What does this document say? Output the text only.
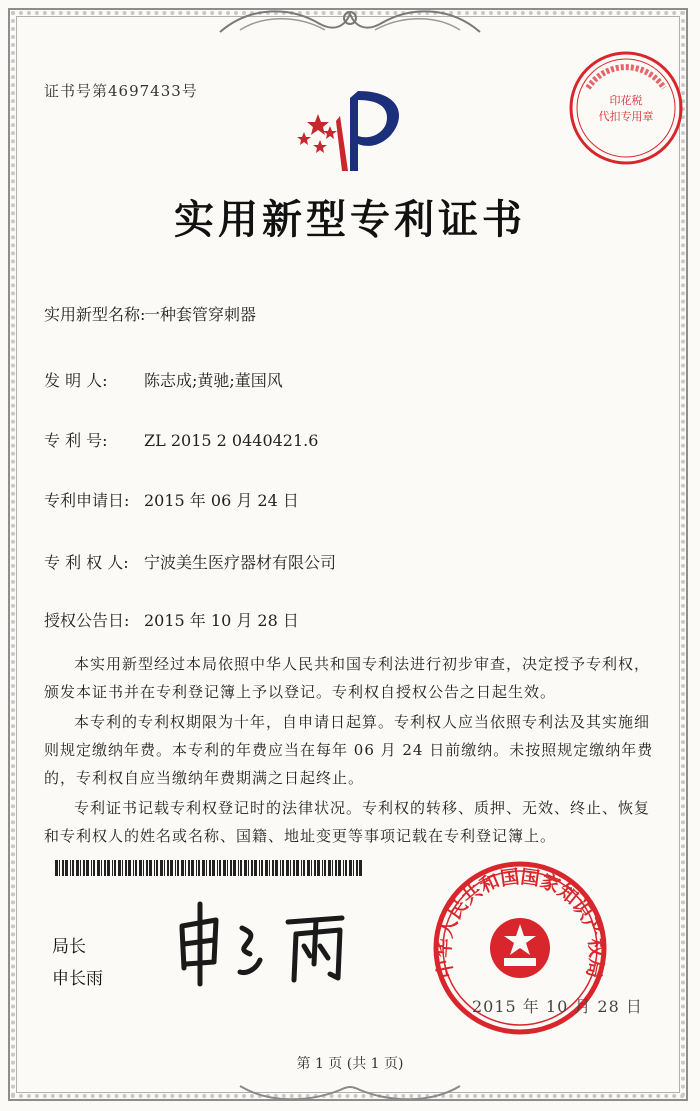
证书号第4697433号
印花税
代扣专用章
实用新型专利证书
实用新型名称:一种套管穿刺器
发 明 人: 陈志成;黄驰;董国风
专 利 号: ZL 2015 2 0440421.6
专利申请日: 2015 年 06 月 24 日
专 利 权 人: 宁波美生医疗器材有限公司
授权公告日: 2015 年 10 月 28 日

本实用新型经过本局依照中华人民共和国专利法进行初步审查，决定授予专利权，颁发本证书并在专利登记簿上予以登记。专利权自授权公告之日起生效。

本专利的专利权期限为十年，自申请日起算。专利权人应当依照专利法及其实施细则规定缴纳年费。本专利的年费应当在每年 06 月 24 日前缴纳。未按照规定缴纳年费的，专利权自应当缴纳年费期满之日起终止。

专利证书记载专利权登记时的法律状况。专利权的转移、质押、无效、终止、恢复和专利权人的姓名或名称、国籍、地址变更等事项记载在专利登记簿上。

局长
申长雨	中华人民共和国国家知识产权局
2015 年 10 月 28 日
第 1 页 (共 1 页)
